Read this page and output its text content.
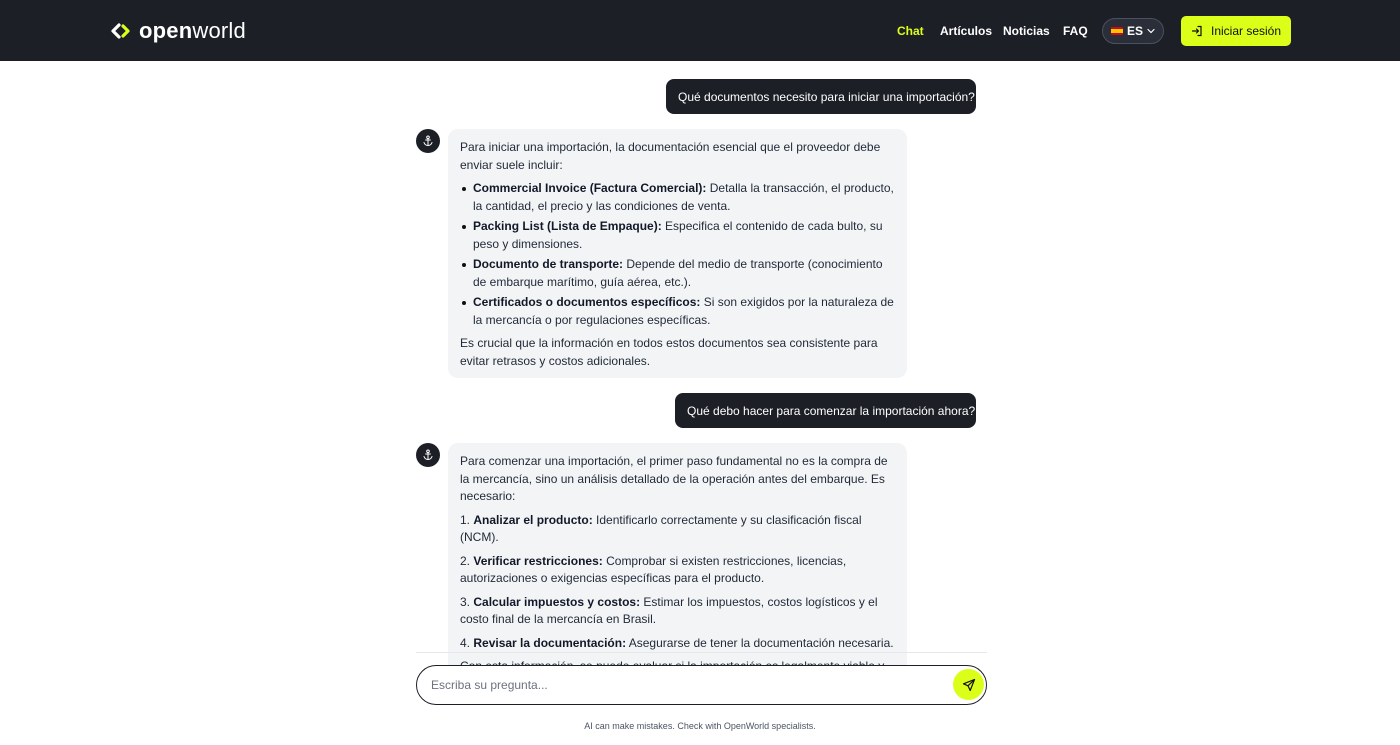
open world	Chat Artículos Noticias FAQ	ES	Iniciar sesión
Qué documentos necesito para iniciar una importación?

Para iniciar una importación, la documentación esencial que el proveedor debe enviar suele incluir:

Commercial Invoice (Factura Comercial): Detalla la transacción, el producto, la cantidad, el precio y las condiciones de venta.
Packing List (Lista de Empaque): Especifica el contenido de cada bulto, su peso y dimensiones.
Documento de transporte: Depende del medio de transporte (conocimiento de embarque marítimo, guía aérea, etc.).
Certificados o documentos específicos: Si son exigidos por la naturaleza de la mercancía o por regulaciones específicas.

Es crucial que la información en todos estos documentos sea consistente para evitar retrasos y costos adicionales.

Qué debo hacer para comenzar la importación ahora?

Para comenzar una importación, el primer paso fundamental no es la compra de la mercancía, sino un análisis detallado de la operación antes del embarque. Es necesario:

1. Analizar el producto: Identificarlo correctamente y su clasificación fiscal (NCM).
2. Verificar restricciones: Comprobar si existen restricciones, licencias, autorizaciones o exigencias específicas para el producto.
3. Calcular impuestos y costos: Estimar los impuestos, costos logísticos y el costo final de la mercancía en Brasil.
4. Revisar la documentación: Asegurarse de tener la documentación necesaria.

Escriba su pregunta...
AI can make mistakes. Check with OpenWorld specialists.
